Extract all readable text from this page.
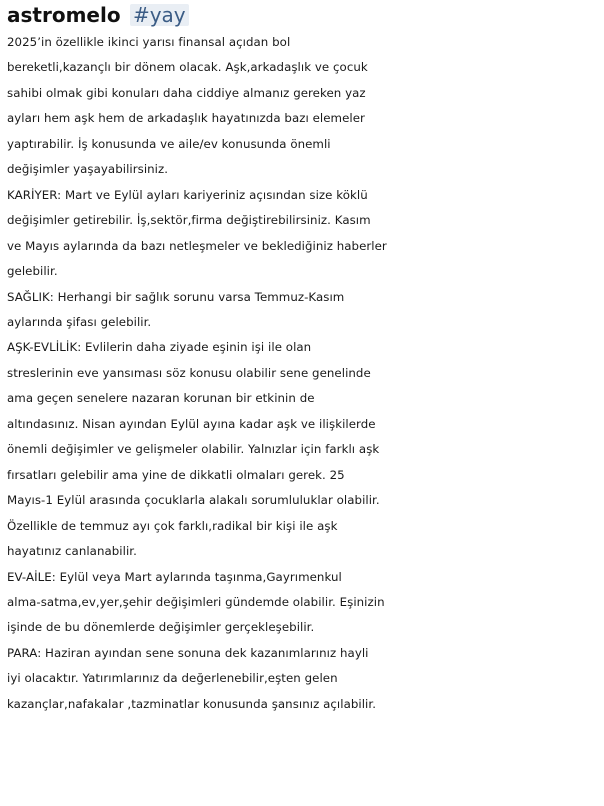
astromelo #yay
2025’in özellikle ikinci yarısı finansal açıdan bol
bereketli,kazançlı bir dönem olacak. Aşk,arkadaşlık ve çocuk
sahibi olmak gibi konuları daha ciddiye almanız gereken yaz
ayları hem aşk hem de arkadaşlık hayatınızda bazı elemeler
yaptırabilir. İş konusunda ve aile/ev konusunda önemli
değişimler yaşayabilirsiniz.
KARİYER: Mart ve Eylül ayları kariyeriniz açısından size köklü
değişimler getirebilir. İş,sektör,firma değiştirebilirsiniz. Kasım
ve Mayıs aylarında da bazı netleşmeler ve beklediğiniz haberler
gelebilir.
SAĞLIK: Herhangi bir sağlık sorunu varsa Temmuz-Kasım
aylarında şifası gelebilir.
AŞK-EVLİLİK: Evlilerin daha ziyade eşinin işi ile olan
streslerinin eve yansıması söz konusu olabilir sene genelinde
ama geçen senelere nazaran korunan bir etkinin de
altındasınız. Nisan ayından Eylül ayına kadar aşk ve ilişkilerde
önemli değişimler ve gelişmeler olabilir. Yalnızlar için farklı aşk
fırsatları gelebilir ama yine de dikkatli olmaları gerek. 25
Mayıs-1 Eylül arasında çocuklarla alakalı sorumluluklar olabilir.
Özellikle de temmuz ayı çok farklı,radikal bir kişi ile aşk
hayatınız canlanabilir.
EV-AİLE: Eylül veya Mart aylarında taşınma,Gayrımenkul
alma-satma,ev,yer,şehir değişimleri gündemde olabilir. Eşinizin
işinde de bu dönemlerde değişimler gerçekleşebilir.
PARA: Haziran ayından sene sonuna dek kazanımlarınız hayli
iyi olacaktır. Yatırımlarınız da değerlenebilir,eşten gelen
kazançlar,nafakalar ,tazminatlar konusunda şansınız açılabilir.
